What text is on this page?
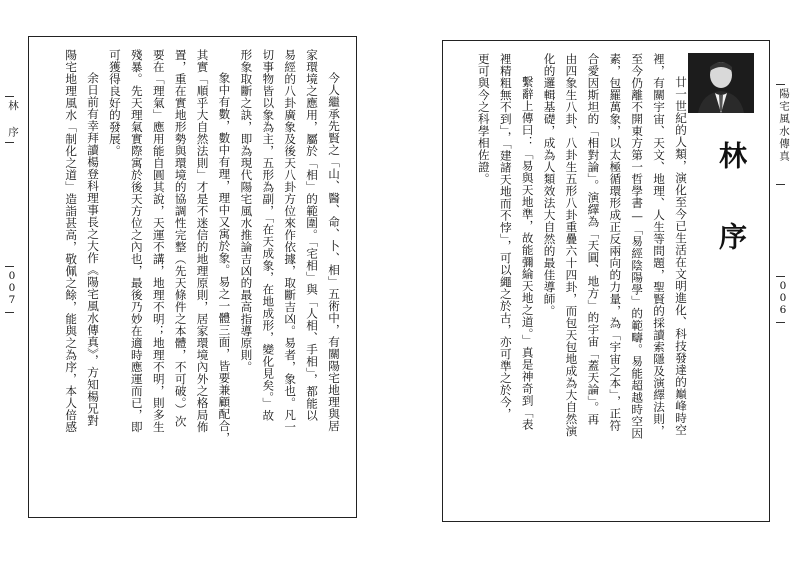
林 序
007	今人繼承先賢之「山、醫、命、卜、相」五術中，有關陽宅地理與居
家環境之應用，屬於「相」的範圍。「宅相」與「人相、手相」，都能以
易經的八卦廣象及後天八卦方位來作依據，取斷吉凶。易者，象也。凡一
切事物皆以象為主，五形為副，「在天成象，在地成形，變化見矣。」故
形象取斷之訣，即為現代陽宅風水推論吉凶的最高指導原則。
象中有數，數中有理，理中又寓於象。易之一體三面，皆要兼顧配合，
其實「順乎大自然法則」才是不迷信的地理原則，居家環境內外之格局佈
置，重在實地形勢與環境的協調性完整（先天條件之本體，不可破。）次
要在「理氣」應用能自圓其說，天運不講，地理不明；地理不明，則多生
殘暴。先天理氣實際寓於後天方位之內也，最後乃妙在適時應運而已，即
可獲得良好的發展。
余日前有幸拜讀楊登科理事長之大作《陽宅風水傳真》，方知楊兄對
陽宅地理風水「制化之道」造詣甚高，敬佩之餘，能與之為序，本人倍感	林 序
廿一世紀的人類，演化至今已生活在文明進化、科技發達的巔峰時空
裡，有關宇宙、天文、地理、人生等問題，聖賢的採讀索隱及演繹法則，
至今仍離不開東方第一哲學書—「易經陰陽學」的範疇。易能超越時空因
素，包羅萬象，以太極循環形成正反兩向的力量，為「宇宙之本」，正符
合愛因斯坦的「相對論」。演繹為「天圓、地方」的宇宙「蓋天論」。再
由四象生八卦、八卦生五形八卦重疊六十四卦，而包天包地成為大自然演
化的邏輯基礎，成為人類效法大自然的最佳導師。
繫辭上傳曰：「易與天地準，故能彌綸天地之道。」真是神奇到「表
裡精粗無不到」，「建諸天地而不悖」，可以繩之於古，亦可準之於今，
更可與今之科學相佐證。	陽宅風水傳真
006
